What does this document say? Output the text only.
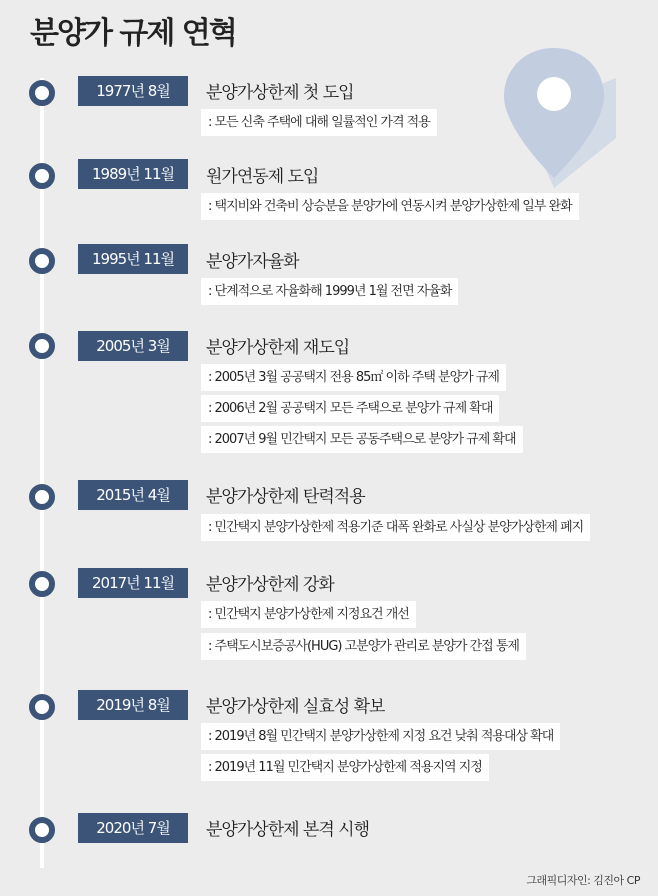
분양가 규제 연혁
1977년 8월	분양가상한제 첫 도입
: 모든 신축 주택에 대해 일률적인 가격 적용
1989년 11월	원가연동제 도입
: 택지비와 건축비 상승분을 분양가에 연동시켜 분양가상한제 일부 완화
1995년 11월	분양가자율화
: 단계적으로 자율화해 1999년 1월 전면 자율화
2005년 3월	분양가상한제 재도입
: 2005년 3월 공공택지 전용 85㎡ 이하 주택 분양가 규제
: 2006년 2월 공공택지 모든 주택으로 분양가 규제 확대
: 2007년 9월 민간택지 모든 공동주택으로 분양가 규제 확대
2015년 4월	분양가상한제 탄력적용
: 민간택지 분양가상한제 적용기준 대폭 완화로 사실상 분양가상한제 폐지
2017년 11월	분양가상한제 강화
: 민간택지 분양가상한제 지정요건 개선
: 주택도시보증공사(HUG) 고분양가 관리로 분양가 간접 통제
2019년 8월	분양가상한제 실효성 확보
: 2019년 8월 민간택지 분양가상한제 지정 요건 낮춰 적용대상 확대
: 2019년 11월 민간택지 분양가상한제 적용지역 지정
2020년 7월	분양가상한제 본격 시행
그래픽디자인: 김진아 CP
